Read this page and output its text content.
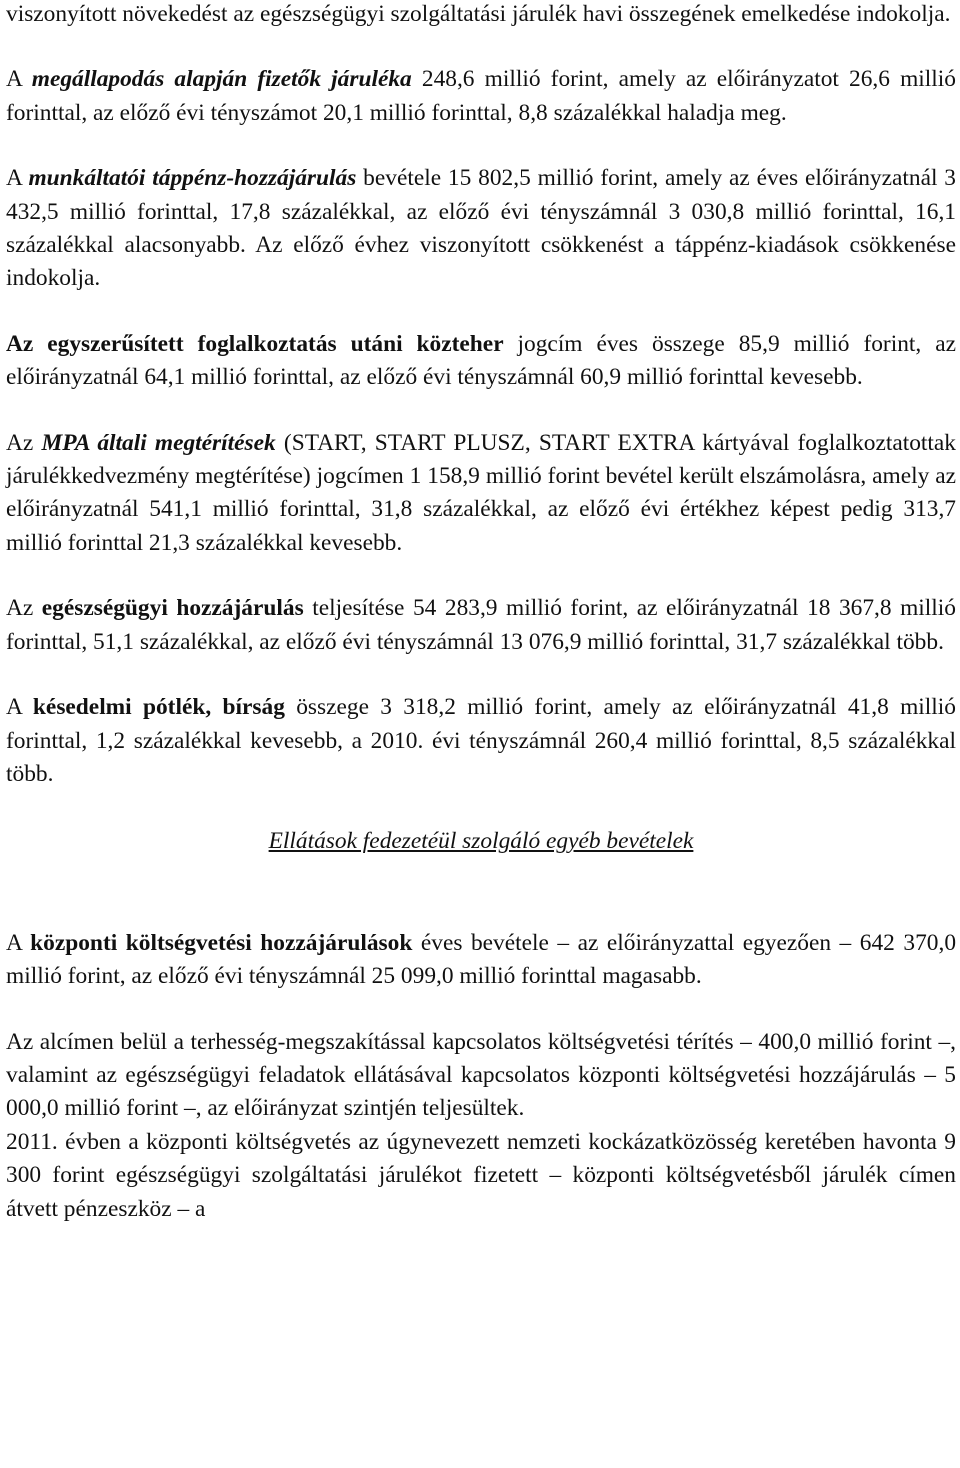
viszonyított növekedést az egészségügyi szolgáltatási járulék havi összegének emelkedése indokolja.

A megállapodás alapján fizetők járuléka 248,6 millió forint, amely az előirányzatot 26,6 millió forinttal, az előző évi tényszámot 20,1 millió forinttal, 8,8 százalékkal haladja meg.

A munkáltatói táppénz-hozzájárulás bevétele 15 802,5 millió forint, amely az éves előirányzatnál 3 432,5 millió forinttal, 17,8 százalékkal, az előző évi tényszámnál 3 030,8 millió forinttal, 16,1 százalékkal alacsonyabb. Az előző évhez viszonyított csökkenést a táppénz-kiadások csökkenése indokolja.

Az egyszerűsített foglalkoztatás utáni közteher jogcím éves összege 85,9 millió forint, az előirányzatnál 64,1 millió forinttal, az előző évi tényszámnál 60,9 millió forinttal kevesebb.

Az MPA általi megtérítések (START, START PLUSZ, START EXTRA kártyával foglalkoztatottak járulékkedvezmény megtérítése) jogcímen 1 158,9 millió forint bevétel került elszámolásra, amely az előirányzatnál 541,1 millió forinttal, 31,8 százalékkal, az előző évi értékhez képest pedig 313,7 millió forinttal 21,3 százalékkal kevesebb.

Az egészségügyi hozzájárulás teljesítése 54 283,9 millió forint, az előirányzatnál 18 367,8 millió forinttal, 51,1 százalékkal, az előző évi tényszámnál 13 076,9 millió forinttal, 31,7 százalékkal több.

A késedelmi pótlék, bírság összege 3 318,2 millió forint, amely az előirányzatnál 41,8 millió forinttal, 1,2 százalékkal kevesebb, a 2010. évi tényszámnál 260,4 millió forinttal, 8,5 százalékkal több.

Ellátások fedezetéül szolgáló egyéb bevételek

A központi költségvetési hozzájárulások éves bevétele – az előirányzattal egyezően – 642 370,0 millió forint, az előző évi tényszámnál 25 099,0 millió forinttal magasabb.

Az alcímen belül a terhesség-megszakítással kapcsolatos költségvetési térítés – 400,0 millió forint –, valamint az egészségügyi feladatok ellátásával kapcsolatos központi költségvetési hozzájárulás – 5 000,0 millió forint –, az előirányzat szintjén teljesültek.

2011. évben a központi költségvetés az úgynevezett nemzeti kockázatközösség keretében havonta 9 300 forint egészségügyi szolgáltatási járulékot fizetett – központi költségvetésből járulék címen átvett pénzeszköz – a
